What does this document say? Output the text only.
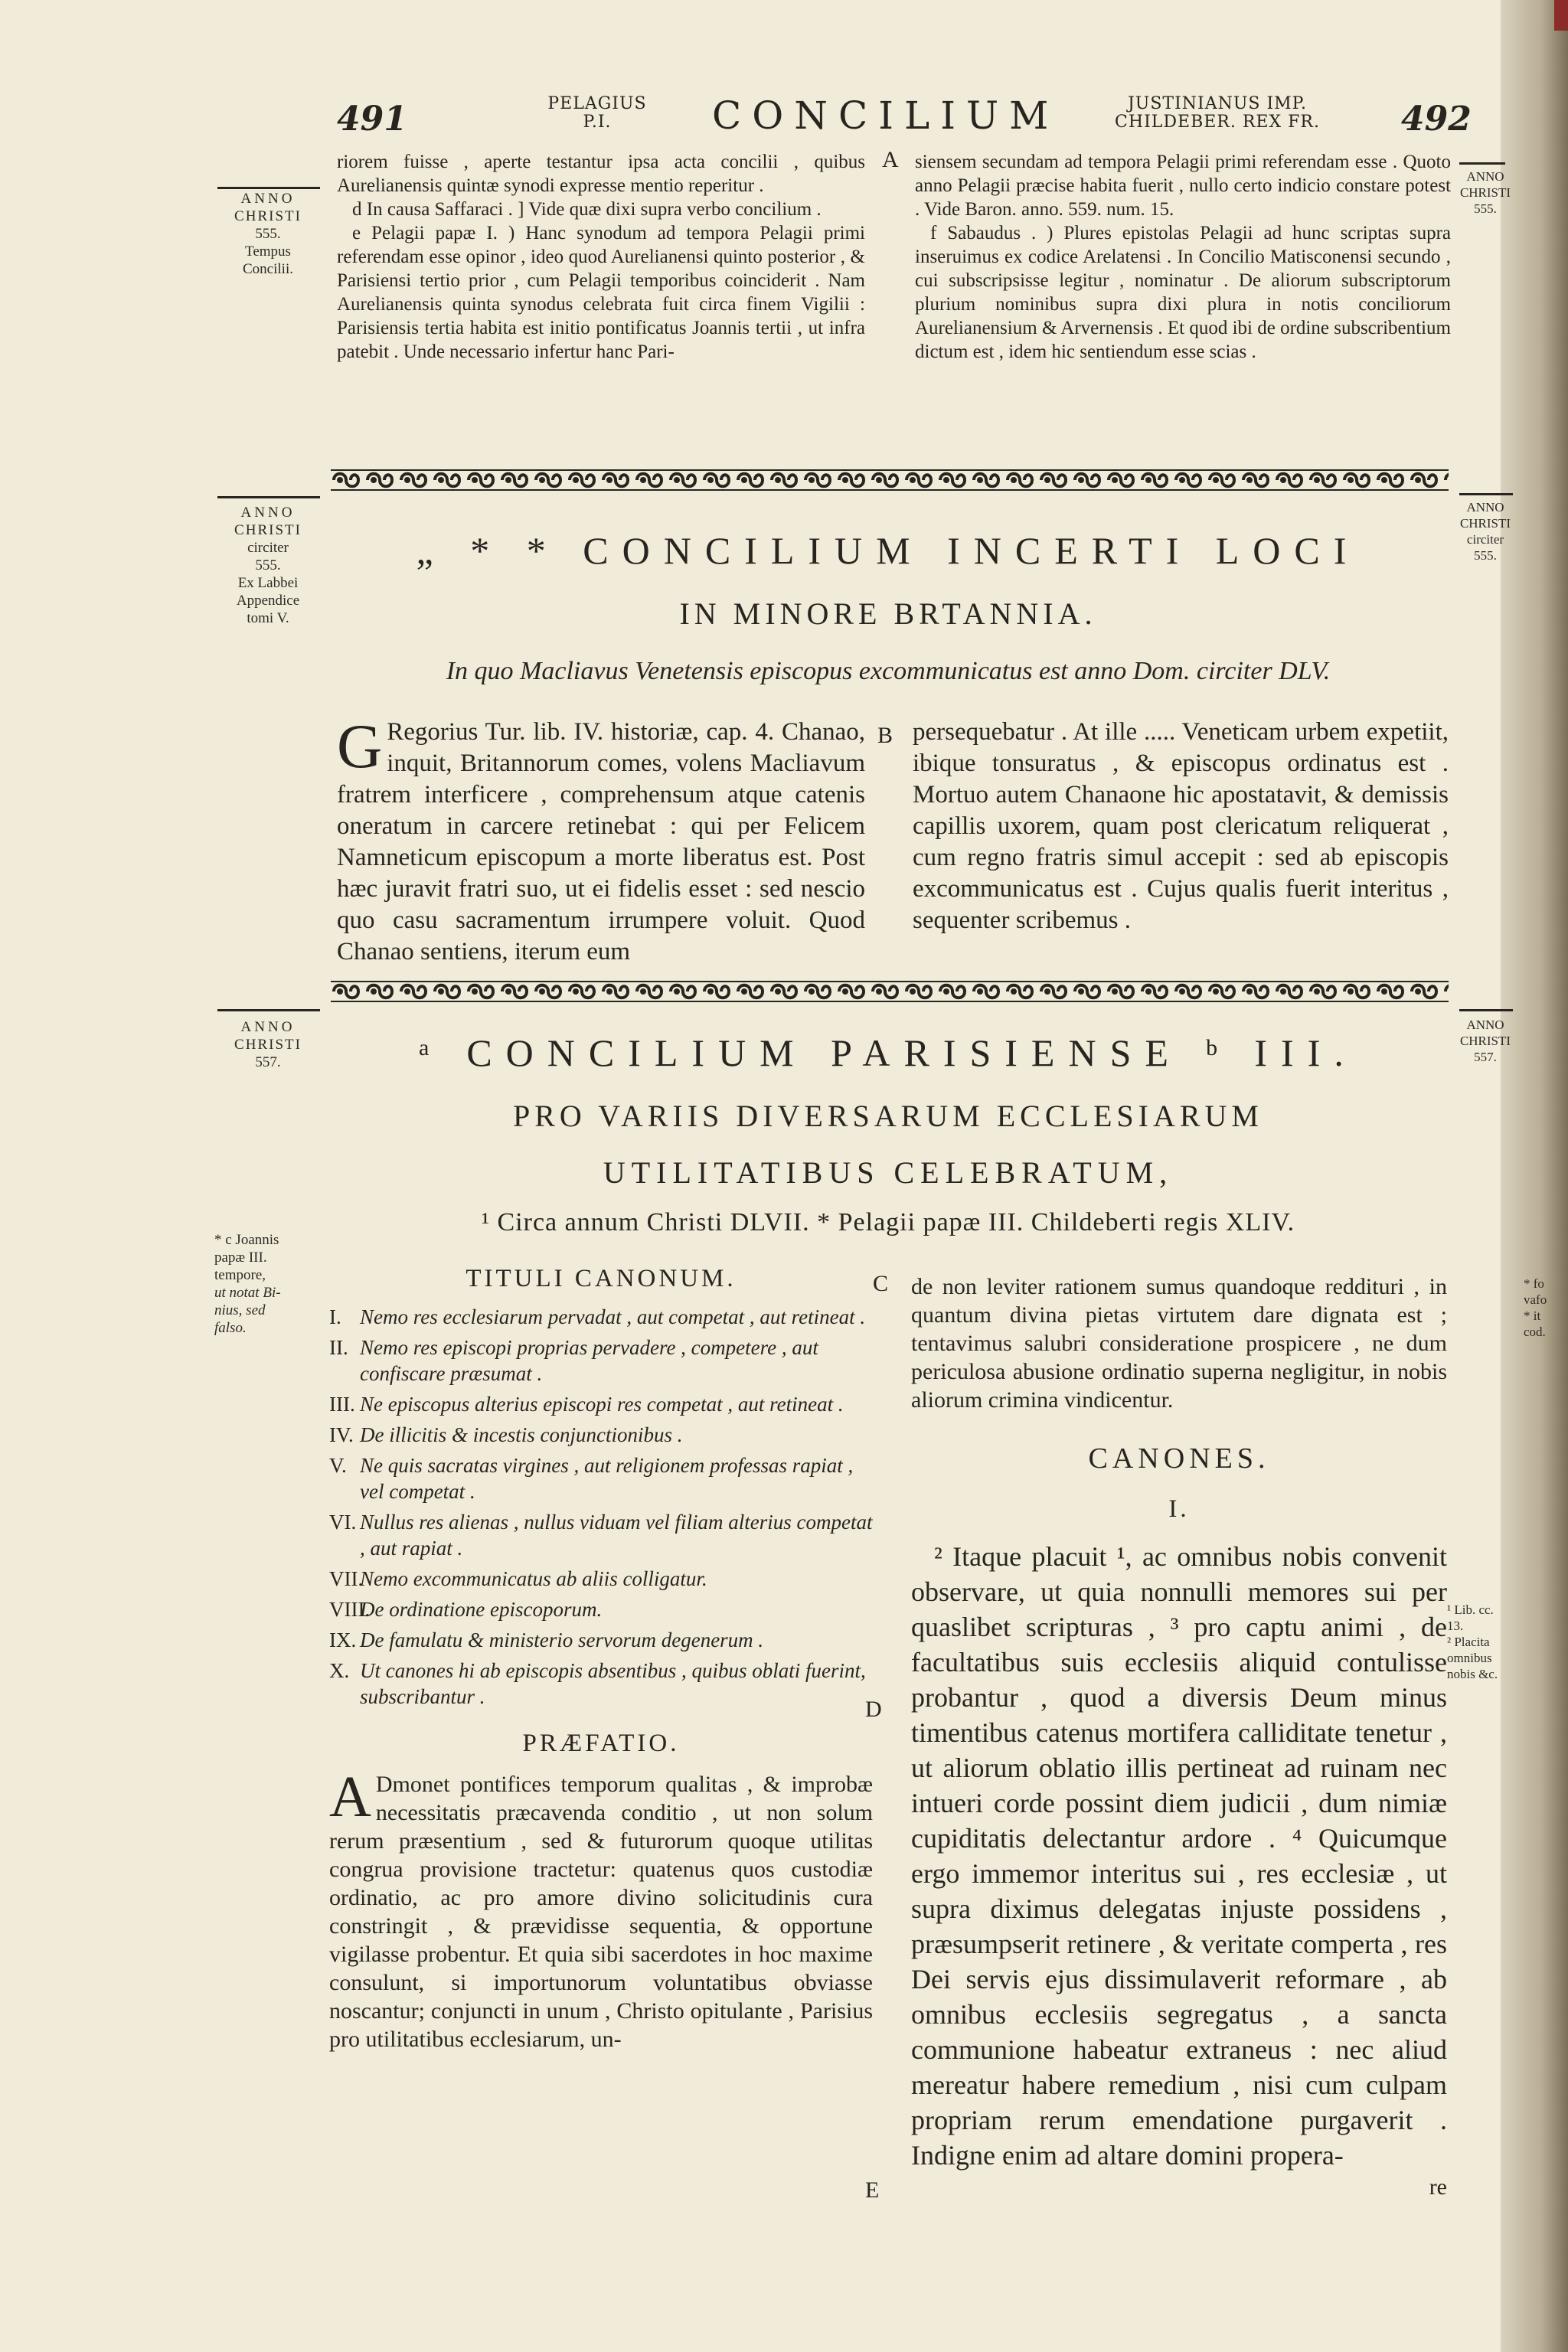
491	PELAGIUS
P.I.	CONCILIUM	JUSTINIANUS IMP.
CHILDEBER. REX FR.	492
ANNO
CHRISTI
555.
Tempus
Concilii.
ANNO
CHRISTI
555.
ANNO
CHRISTI
circiter
555.
Ex Labbei
Appendice
tomi V.
ANNO
CHRISTI
circiter
555.
ANNO
CHRISTI
557.
ANNO
CHRISTI
557.
* c Joannis
papæ III.
tempore,
ut notat Bi-
nius, sed
falso.
* fo
vafo
* it
cod.
¹ Lib. cc. 13.
² Placita
omnibus
nobis &c.
A
B
C
D
E

riorem fuisse , aperte testantur ipsa acta concilii , quibus Aurelianensis quintæ synodi expresse mentio reperitur .

d In causa Saffaraci . ] Vide quæ dixi supra verbo concilium .

e Pelagii papæ I. ) Hanc synodum ad tempora Pelagii primi referendam esse opinor , ideo quod Aurelianensi quinto posterior , & Parisiensi tertio prior , cum Pelagii temporibus coinciderit . Nam Aurelianensis quinta synodus celebrata fuit circa finem Vigilii : Parisiensis tertia habita est initio pontificatus Joannis tertii , ut infra patebit . Unde necessario infertur hanc Pari-

siensem secundam ad tempora Pelagii primi referendam esse . Quoto anno Pelagii præcise habita fuerit , nullo certo indicio constare potest . Vide Baron. anno. 559. num. 15.

f Sabaudus . ) Plures epistolas Pelagii ad hunc scriptas supra inseruimus ex codice Arelatensi . In Concilio Matisconensi secundo , cui subscripsisse legitur , nominatur . De aliorum subscriptorum plurium nominibus supra dixi plura in notis conciliorum Aurelianensium & Arvernensis . Et quod ibi de ordine subscribentium dictum est , idem hic sentiendum esse scias .

„ * * CONCILIUM INCERTI LOCI
IN MINORE BRTANNIA.
In quo Macliavus Venetensis episcopus excommunicatus est anno Dom. circiter DLV.
G Regorius Tur. lib. IV. historiæ, cap. 4. Chanao, inquit, Britannorum comes, volens Macliavum fratrem interficere , comprehensum atque catenis oneratum in carcere retinebat : qui per Felicem Namneticum episcopum a morte liberatus est. Post hæc juravit fratri suo, ut ei fidelis esset : sed nescio quo casu sacramentum irrumpere voluit. Quod Chanao sentiens, iterum eum

persequebatur . At ille ..... Veneticam urbem expetiit, ibique tonsuratus , & episcopus ordinatus est . Mortuo autem Chanaone hic apostatavit, & demissis capillis uxorem, quam post clericatum reliquerat , cum regno fratris simul accepit : sed ab episcopis excommunicatus est . Cujus qualis fuerit interitus , sequenter scribemus .

ᵃ CONCILIUM PARISIENSE ᵇ III.
PRO VARIIS DIVERSARUM ECCLESIARUM
UTILITATIBUS CELEBRATUM,
¹ Circa annum Christi DLVII. * Pelagii papæ III. Childeberti regis XLIV.
TITULI CANONUM.
I. Nemo res ecclesiarum pervadat , aut competat , aut retineat .
II. Nemo res episcopi proprias pervadere , competere , aut confiscare præsumat .
III. Ne episcopus alterius episcopi res competat , aut retineat .
IV. De illicitis & incestis conjunctionibus .
V. Ne quis sacratas virgines , aut religionem professas rapiat , vel competat .
VI. Nullus res alienas , nullus viduam vel filiam alterius competat , aut rapiat .
VII.Nemo excommunicatus ab aliis colligatur.
VIII.De ordinatione episcoporum.
IX. De famulatu & ministerio servorum degenerum .
X. Ut canones hi ab episcopis absentibus , quibus oblati fuerint, subscribantur .
PRÆFATIO.
A Dmonet pontifices temporum qualitas , & improbæ necessitatis præcavenda conditio , ut non solum rerum præsentium , sed & futurorum quoque utilitas congrua provisione tractetur: quatenus quos custodiæ ordinatio, ac pro amore divino solicitudinis cura constringit , & prævidisse sequentia, & opportune vigilasse probentur. Et quia sibi sacerdotes in hoc maxime consulunt, si importunorum voluntatibus obviasse noscantur; conjuncti in unum , Christo opitulante , Parisius pro utilitatibus ecclesiarum, un-

de non leviter rationem sumus quandoque reddituri , in quantum divina pietas virtutem dare dignata est ; tentavimus salubri consideratione prospicere , ne dum periculosa abusione ordinatio superna negligitur, in nobis aliorum crimina vindicentur.
CANONES.
I.
² Itaque placuit ¹, ac omnibus nobis convenit observare, ut quia nonnulli memores sui per quaslibet scripturas , ³ pro captu animi , de facultatibus suis ecclesiis aliquid contulisse probantur , quod a diversis Deum minus timentibus catenus mortifera calliditate tenetur , ut aliorum oblatio illis pertineat ad ruinam nec intueri corde possint diem judicii , dum nimiæ cupiditatis delectantur ardore . ⁴ Quicumque ergo immemor interitus sui , res ecclesiæ , ut supra diximus delegatas injuste possidens , præsumpserit retinere , & veritate comperta , res Dei servis ejus dissimulaverit reformare , ab omnibus ecclesiis segregatus , a sancta communione habeatur extraneus : nec aliud mereatur habere remedium , nisi cum culpam propriam rerum emendatione purgaverit . Indigne enim ad altare domini propera-
re
